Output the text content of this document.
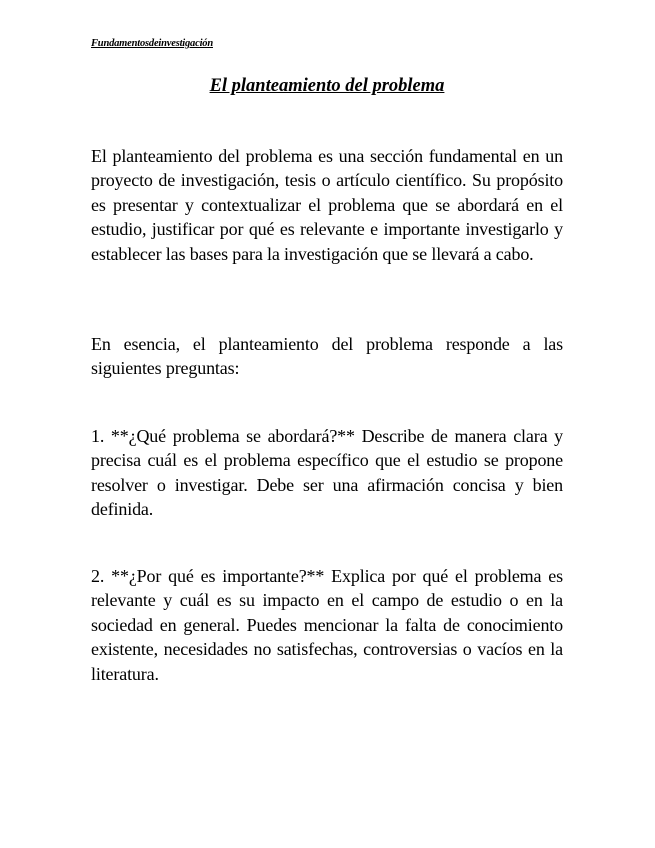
Fundamentosdeinvestigación
El planteamiento del problema

El planteamiento del problema es una sección fundamental en un proyecto de investigación, tesis o artículo científico. Su propósito es presentar y contextualizar el problema que se abordará en el estudio, justificar por qué es relevante e importante investigarlo y establecer las bases para la investigación que se llevará a cabo.

En esencia, el planteamiento del problema responde a las siguientes preguntas:

1. **¿Qué problema se abordará?** Describe de manera clara y precisa cuál es el problema específico que el estudio se propone resolver o investigar. Debe ser una afirmación concisa y bien definida.

2. **¿Por qué es importante?** Explica por qué el problema es relevante y cuál es su impacto en el campo de estudio o en la sociedad en general. Puedes mencionar la falta de conocimiento existente, necesidades no satisfechas, controversias o vacíos en la literatura.
